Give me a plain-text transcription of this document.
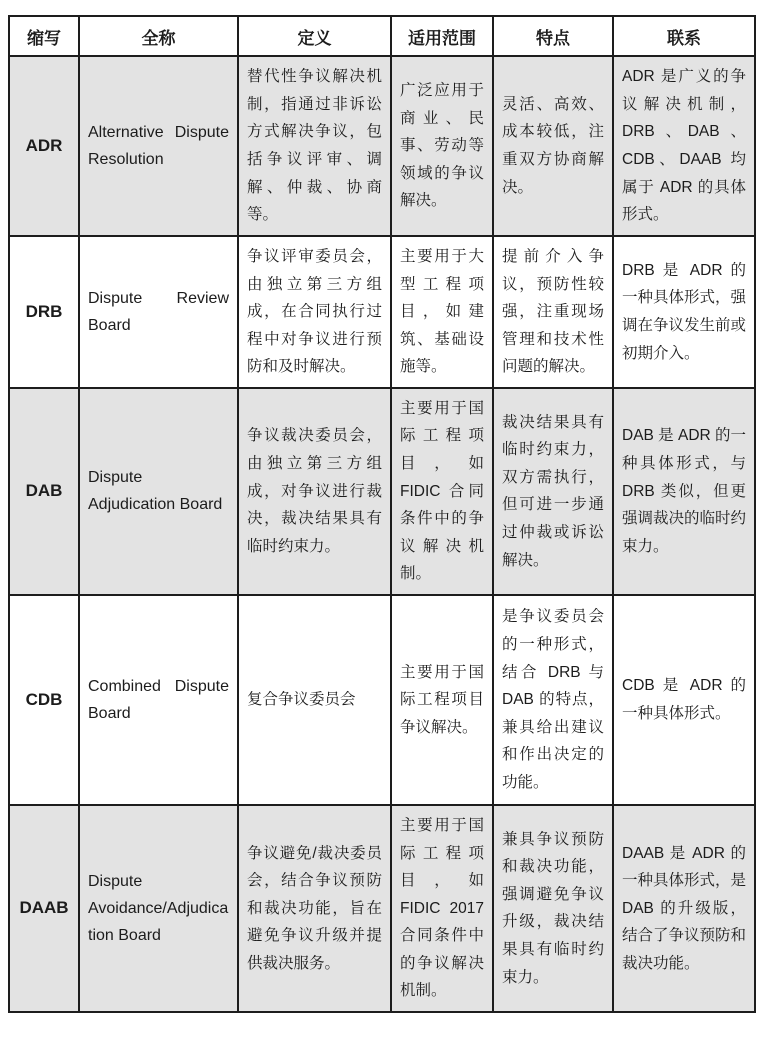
缩写	全称	定义	适用范围	特点	联系
ADR	Alternative Dispute Resolution	替代性争议解决机制，指通过非诉讼方式解决争议，包括争议评审、调解、仲裁、协商等。	广泛应用于商业、民事、劳动等领域的争议解决。	灵活、高效、成本较低，注重双方协商解决。	ADR 是广义的争议解决机制，DRB 、DAB 、CDB、DAAB 均属于 ADR 的具体形式。
DRB	Dispute Review Board	争议评审委员会，由独立第三方组成，在合同执行过程中对争议进行预防和及时解决。	主要用于大型工程项目，如建筑、基础设施等。	提前介入争议，预防性较强，注重现场管理和技术性问题的解决。	DRB 是 ADR 的一种具体形式，强调在争议发生前或初期介入。
DAB	Dispute Adjudication Board	争议裁决委员会，由独立第三方组成，对争议进行裁决，裁决结果具有临时约束力。	主要用于国际工程项目，如 FIDIC 合同条件中的争议解决机制。	裁决结果具有临时约束力，双方需执行，但可进一步通过仲裁或诉讼解决。	DAB 是 ADR 的一种具体形式，与 DRB 类似，但更强调裁决的临时约束力。
CDB	Combined Dispute Board	复合争议委员会	主要用于国际工程项目争议解决。	是争议委员会的一种形式，结合 DRB 与 DAB 的特点，兼具给出建议和作出决定的功能。	CDB 是 ADR 的一种具体形式。
DAAB	Dispute Avoidance/Adjudication Board	争议避免/裁决委员会，结合争议预防和裁决功能，旨在避免争议升级并提供裁决服务。	主要用于国际工程项目，如 FIDIC 2017 合同条件中的争议解决机制。	兼具争议预防和裁决功能，强调避免争议升级，裁决结果具有临时约束力。	DAAB 是 ADR 的一种具体形式，是 DAB 的升级版，结合了争议预防和裁决功能。
